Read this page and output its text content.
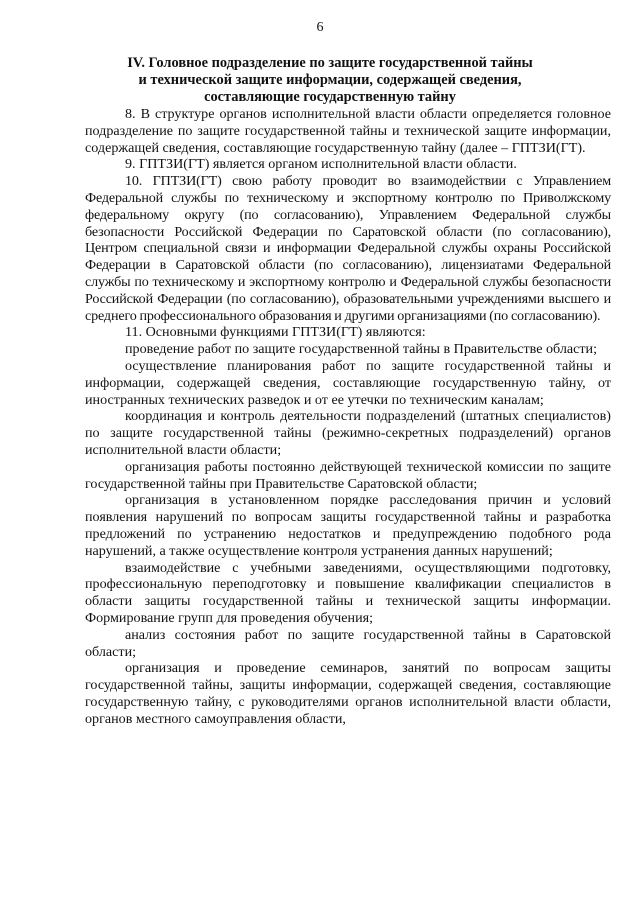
6
IV. Головное подразделение по защите государственной тайны
и технической защите информации, содержащей сведения,
составляющие государственную тайну

8. В структуре органов исполнительной власти области определяется головное подразделение по защите государственной тайны и технической защите информации, содержащей сведения, составляющие государственную тайну (далее – ГПТЗИ(ГТ).

9. ГПТЗИ(ГТ) является органом исполнительной власти области.

10. ГПТЗИ(ГТ) свою работу проводит во взаимодействии с Управлением Федеральной службы по техническому и экспортному контролю по Приволжскому федеральному округу (по согласованию), Управлением Федеральной службы безопасности Российской Федерации по Саратовской области (по согласованию), Центром специальной связи и информации Федеральной службы охраны Российской Федерации в Саратовской области (по согласованию), лицензиатами Федеральной службы по техническому и экспортному контролю и Федеральной службы безопасности Российской Федерации (по согласованию), образовательными учреждениями высшего и среднего профессионального образования и другими организациями (по согласованию).

11. Основными функциями ГПТЗИ(ГТ) являются:

проведение работ по защите государственной тайны в Правительстве области;

осуществление планирования работ по защите государственной тайны и информации, содержащей сведения, составляющие государственную тайну, от иностранных технических разведок и от ее утечки по техническим каналам;

координация и контроль деятельности подразделений (штатных специалистов) по защите государственной тайны (режимно-секретных подразделений) органов исполнительной власти области;

организация работы постоянно действующей технической комиссии по защите государственной тайны при Правительстве Саратовской области;

организация в установленном порядке расследования причин и условий появления нарушений по вопросам защиты государственной тайны и разработка предложений по устранению недостатков и предупреждению подобного рода нарушений, а также осуществление контроля устранения данных нарушений;

взаимодействие с учебными заведениями, осуществляющими подготовку, профессиональную переподготовку и повышение квалификации специалистов в области защиты государственной тайны и технической защиты информации. Формирование групп для проведения обучения;

анализ состояния работ по защите государственной тайны в Саратовской области;

организация и проведение семинаров, занятий по вопросам защиты государственной тайны, защиты информации, содержащей сведения, составляющие государственную тайну, с руководителями органов исполнительной власти области, органов местного самоуправления области,
